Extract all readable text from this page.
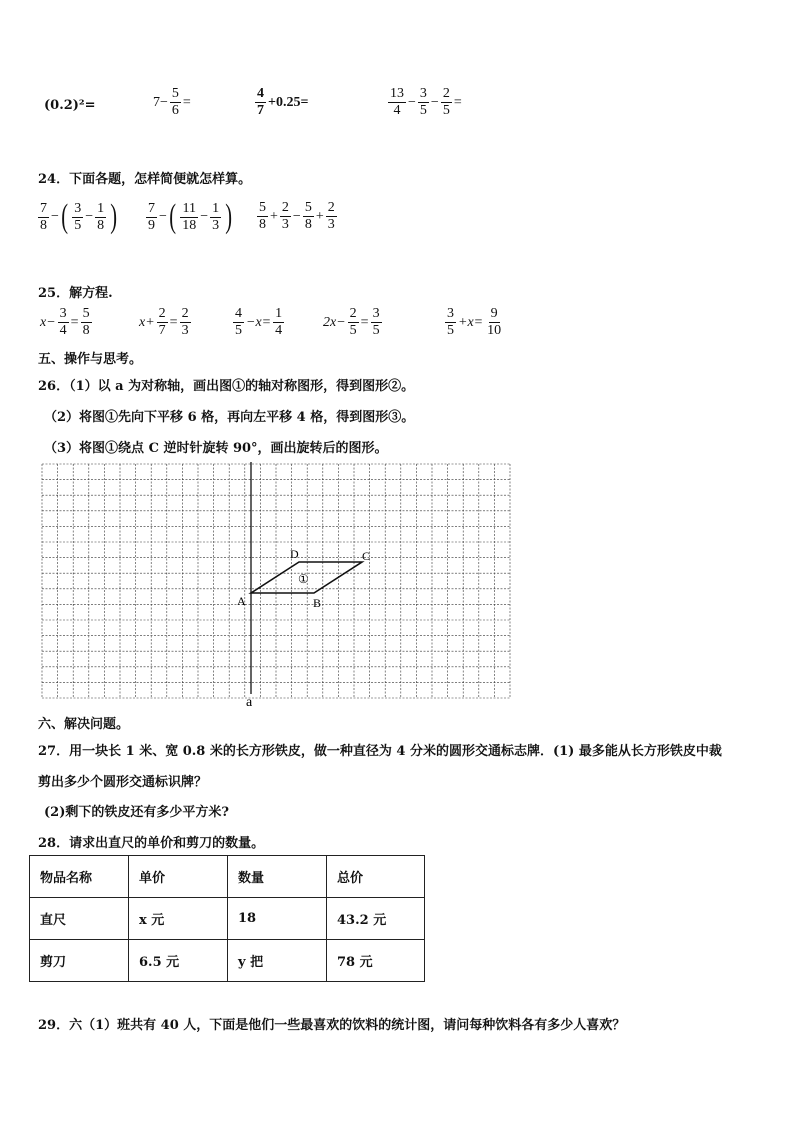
(0.2)²=	$7- \frac{5}{6}$ =	$\frac{4}{7} +0.25=$	$\frac{13}{4} - \frac{3}{5} - \frac{2}{5}$ =
24．下面各题，怎样简便就怎样算。
$\frac{7}{8}$ − ( $\frac{3}{5} - \frac{1}{8}$ ) $\frac{7}{9}$ − ( $\frac{11}{18} - \frac{1}{3}$ ) $\frac{5}{8} + \frac{2}{3} - \frac{5}{8} + \frac{2}{3}$
25．解方程.
$x- \frac{3}{4} = \frac{5}{8}$	$x+ \frac{2}{7} = \frac{2}{3}$	$\frac{4}{5} -x= \frac{1}{4}$	$2x- \frac{2}{5} = \frac{3}{5}$	$\frac{3}{5} +x= \frac{9}{10}$
五、操作与思考。
26．（1）以 a 为对称轴，画出图①的轴对称图形，得到图形②。
（2）将图①先向下平移 6 格，再向左平移 4 格，得到图形③。
（3）将图①绕点 C 逆时针旋转 90°，画出旋转后的图形。
A	B
C
D
①
a
六、解决问题。
27．用一块长 1 米、宽 0.8 米的长方形铁皮，做一种直径为 4 分米的圆形交通标志牌．(1) 最多能从长方形铁皮中裁
剪出多少个圆形交通标识牌？
(2)剩下的铁皮还有多少平方米?
28．请求出直尺的单价和剪刀的数量。
物品名称	单价	数量	总价
直尺	x 元	18	43.2 元
剪刀	6.5 元	y 把	78 元
29．六（1）班共有 40 人，下面是他们一些最喜欢的饮料的统计图，请问每种饮料各有多少人喜欢？
